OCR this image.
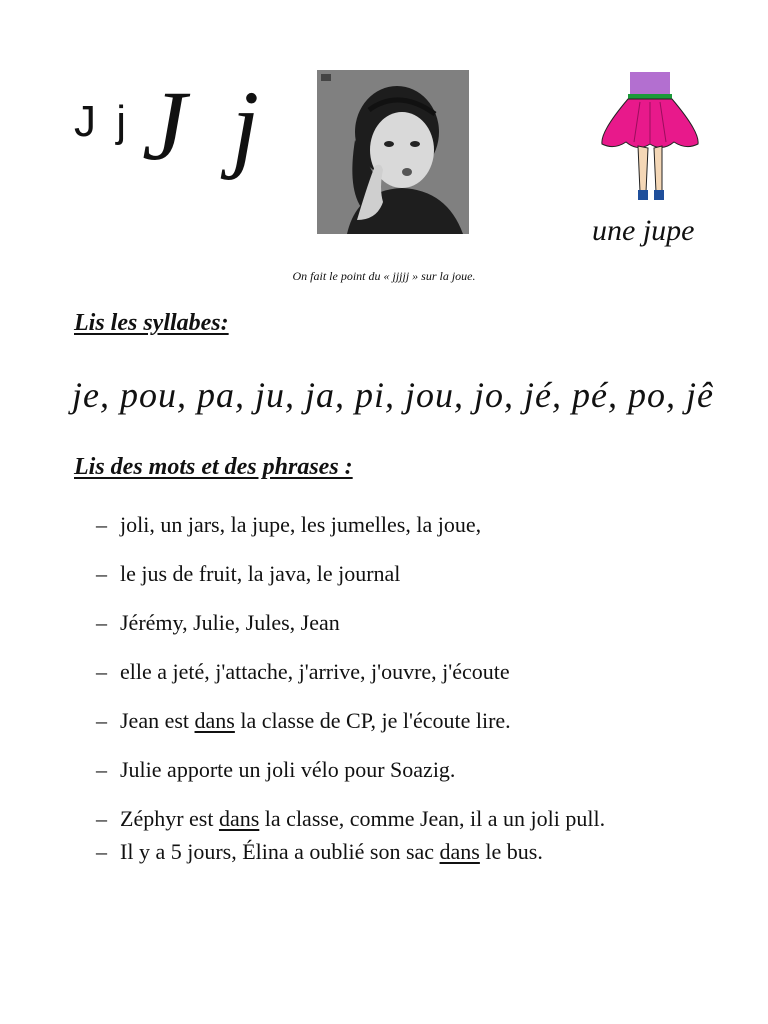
J j J j
une jupe
On fait le point du « jjjjj » sur la joue.
Lis les syllabes:
je, pou, pa, ju, ja, pi, jou, jo, jé, pé, po, jê
Lis des mots et des phrases :
– joli, un jars, la jupe, les jumelles, la joue,
– le jus de fruit, la java, le journal
– Jérémy, Julie, Jules, Jean
– elle a jeté, j'attache, j'arrive, j'ouvre, j'écoute
– Jean est dans la classe de CP, je l'écoute lire.
– Julie apporte un joli vélo pour Soazig.
– Zéphyr est dans la classe, comme Jean, il a un joli pull.
– Il y a 5 jours, Élina a oublié son sac dans le bus.
